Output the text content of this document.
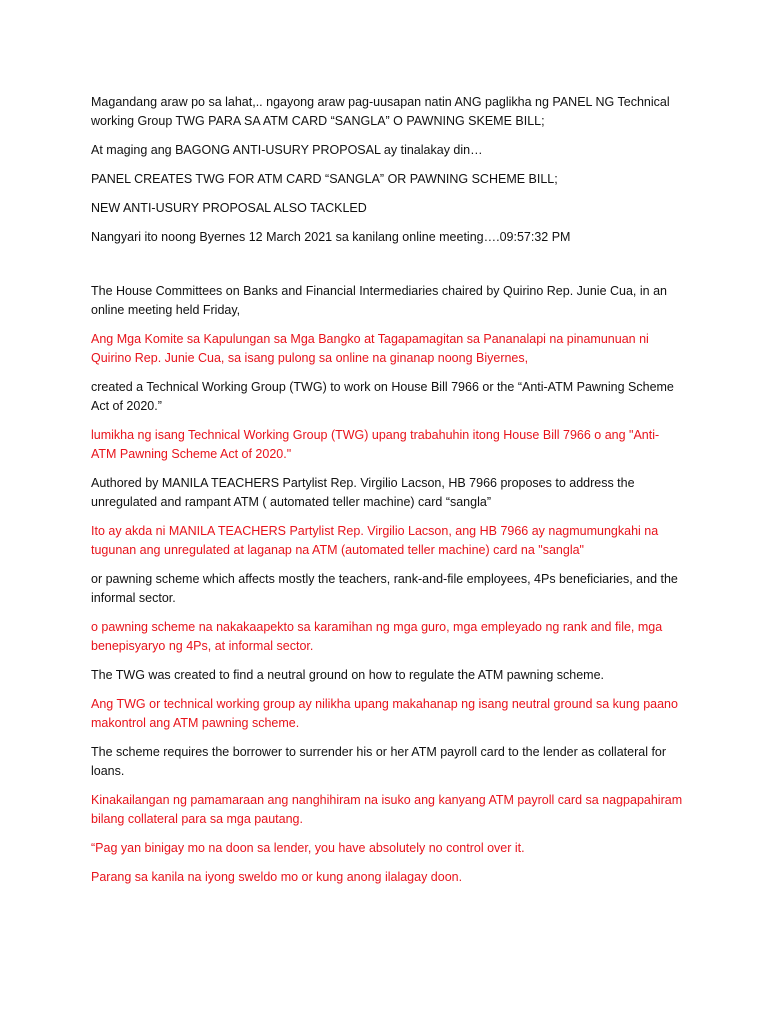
Magandang araw po sa lahat,.. ngayong araw pag-uusapan natin ANG paglikha ng PANEL NG Technical working Group TWG PARA SA ATM CARD “SANGLA” O PAWNING SKEME BILL;

At maging ang BAGONG ANTI-USURY PROPOSAL ay tinalakay din…

PANEL CREATES TWG FOR ATM CARD “SANGLA” OR PAWNING SCHEME BILL;

NEW ANTI-USURY PROPOSAL ALSO TACKLED

Nangyari ito noong Byernes 12 March 2021 sa kanilang online meeting….09:57:32 PM

The House Committees on Banks and Financial Intermediaries chaired by Quirino Rep. Junie Cua, in an online meeting held Friday,

Ang Mga Komite sa Kapulungan sa Mga Bangko at Tagapamagitan sa Pananalapi na pinamunuan ni Quirino Rep. Junie Cua, sa isang pulong sa online na ginanap noong Biyernes,

created a Technical Working Group (TWG) to work on House Bill 7966 or the “Anti-ATM Pawning Scheme Act of 2020.”

lumikha ng isang Technical Working Group (TWG) upang trabahuhin itong House Bill 7966 o ang "Anti-ATM Pawning Scheme Act of 2020."

Authored by MANILA TEACHERS Partylist Rep. Virgilio Lacson, HB 7966 proposes to address the unregulated and rampant ATM ( automated teller machine) card “sangla”

Ito ay akda ni MANILA TEACHERS Partylist Rep. Virgilio Lacson, ang HB 7966 ay nagmumungkahi na tugunan ang unregulated at laganap na ATM (automated teller machine) card na "sangla"

or pawning scheme which affects mostly the teachers, rank-and-file employees, 4Ps beneficiaries, and the informal sector.

o pawning scheme na nakakaapekto sa karamihan ng mga guro, mga empleyado ng rank and file, mga benepisyaryo ng 4Ps, at informal sector.

The TWG was created to find a neutral ground on how to regulate the ATM pawning scheme.

Ang TWG or technical working group ay nilikha upang makahanap ng isang neutral ground sa kung paano makontrol ang ATM pawning scheme.

The scheme requires the borrower to surrender his or her ATM payroll card to the lender as collateral for loans.

Kinakailangan ng pamamaraan ang nanghihiram na isuko ang kanyang ATM payroll card sa nagpapahiram bilang collateral para sa mga pautang.

“Pag yan binigay mo na doon sa lender, you have absolutely no control over it.

Parang sa kanila na iyong sweldo mo or kung anong ilalagay doon.
